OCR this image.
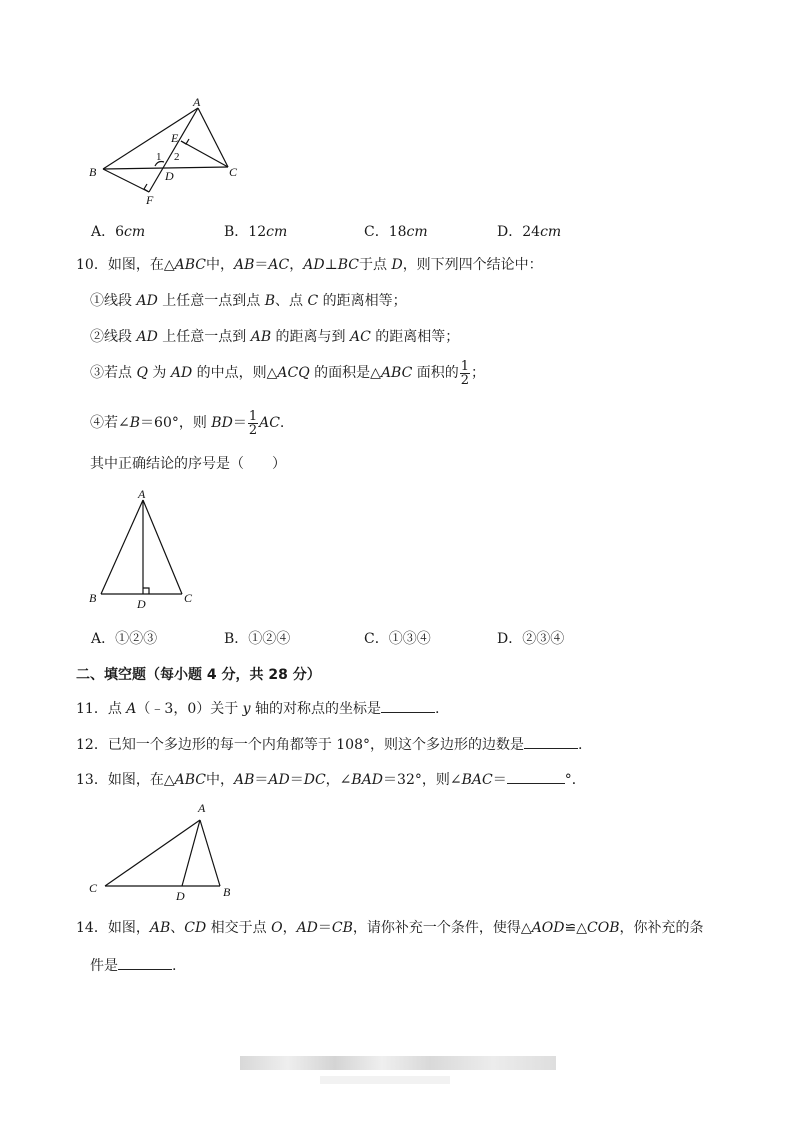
A
E
1 2
B	D	C
F
A．6cm	B．12cm	C．18cm	D．24cm
10．如图，在△ABC中，AB＝AC，AD⊥BC于点 D，则下列四个结论中：
①线段 AD 上任意一点到点 B、点 C 的距离相等；
②线段 AD 上任意一点到 AB 的距离与到 AC 的距离相等；
③若点 Q 为 AD 的中点，则△ACQ 的面积是△ABC 面积的 $\frac{1}{2}$ ；
④若∠B＝60°，则 $BD= \frac{1}{2}$ AC.
其中正确结论的序号是（　　）
A
B	D	C
A．①②③	B．①②④	C．①③④	D．②③④
二、填空题（每小题 4 分，共 28 分）
11．点 A（﹣3，0）关于 y 轴的对称点的坐标是	.
12．已知一个多边形的每一个内角都等于 108°，则这个多边形的边数是	.
13．如图，在△ABC中，AB＝AD＝DC，∠BAD＝32°，则∠BAC＝	°．
A
C
D	B
14．如图，AB、CD 相交于点 O，AD＝CB，请你补充一个条件，使得△AOD≌△COB，你补充的条
件是	.
